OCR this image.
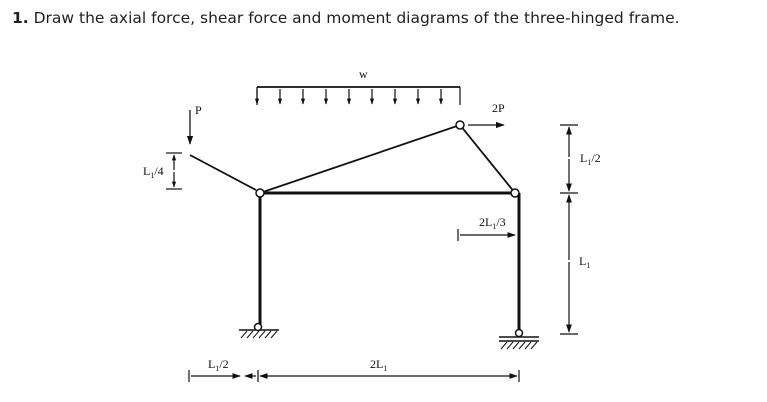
1. Draw the axial force, shear force and moment diagrams of the three-hinged frame.
w
P	2P
L1/4
L1/2
L1
2L1/3
L1/2	2L1
